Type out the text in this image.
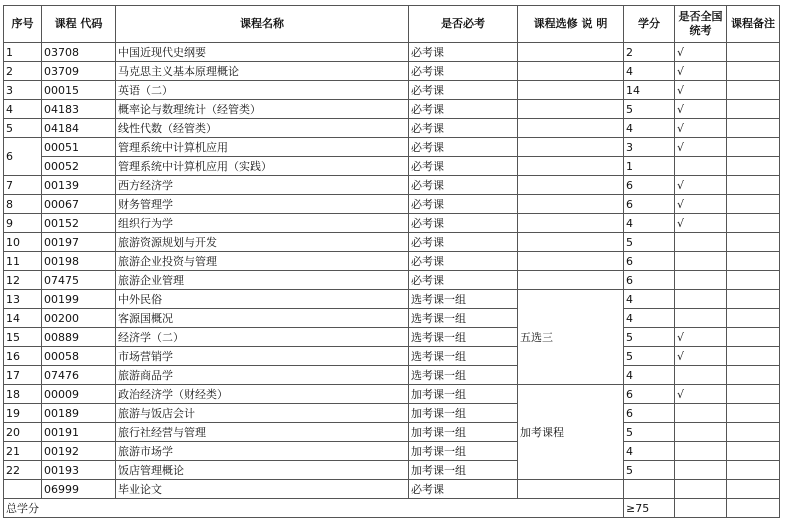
序号	课程 代码	课程名称	是否必考	课程选修 说 明	学分	是否全国统考	课程备注
1	03708	中国近现代史纲要	必考课		2	√	
2	03709	马克思主义基本原理概论	必考课		4	√	
3	00015	英语（二）	必考课		14	√	
4	04183	概率论与数理统计（经管类）	必考课		5	√	
5	04184	线性代数（经管类）	必考课		4	√	
6	00051	管理系统中计算机应用	必考课		3	√	
	00052	管理系统中计算机应用（实践）	必考课		1		
7	00139	西方经济学	必考课		6	√	
8	00067	财务管理学	必考课		6	√	
9	00152	组织行为学	必考课		4	√	
10	00197	旅游资源规划与开发	必考课		5		
11	00198	旅游企业投资与管理	必考课		6		
12	07475	旅游企业管理	必考课		6		
13	00199	中外民俗	选考课一组	五选三	4		
14	00200	客源国概况	选考课一组		4		
15	00889	经济学（二）	选考课一组		5	√	
16	00058	市场营销学	选考课一组		5	√	
17	07476	旅游商品学	选考课一组		4		
18	00009	政治经济学（财经类）	加考课一组	加考课程	6	√	
19	00189	旅游与饭店会计	加考课一组		6		
20	00191	旅行社经营与管理	加考课一组		5		
21	00192	旅游市场学	加考课一组		4		
22	00193	饭店管理概论	加考课一组		5		
	06999	毕业论文	必考课				
总学分					≥75		
